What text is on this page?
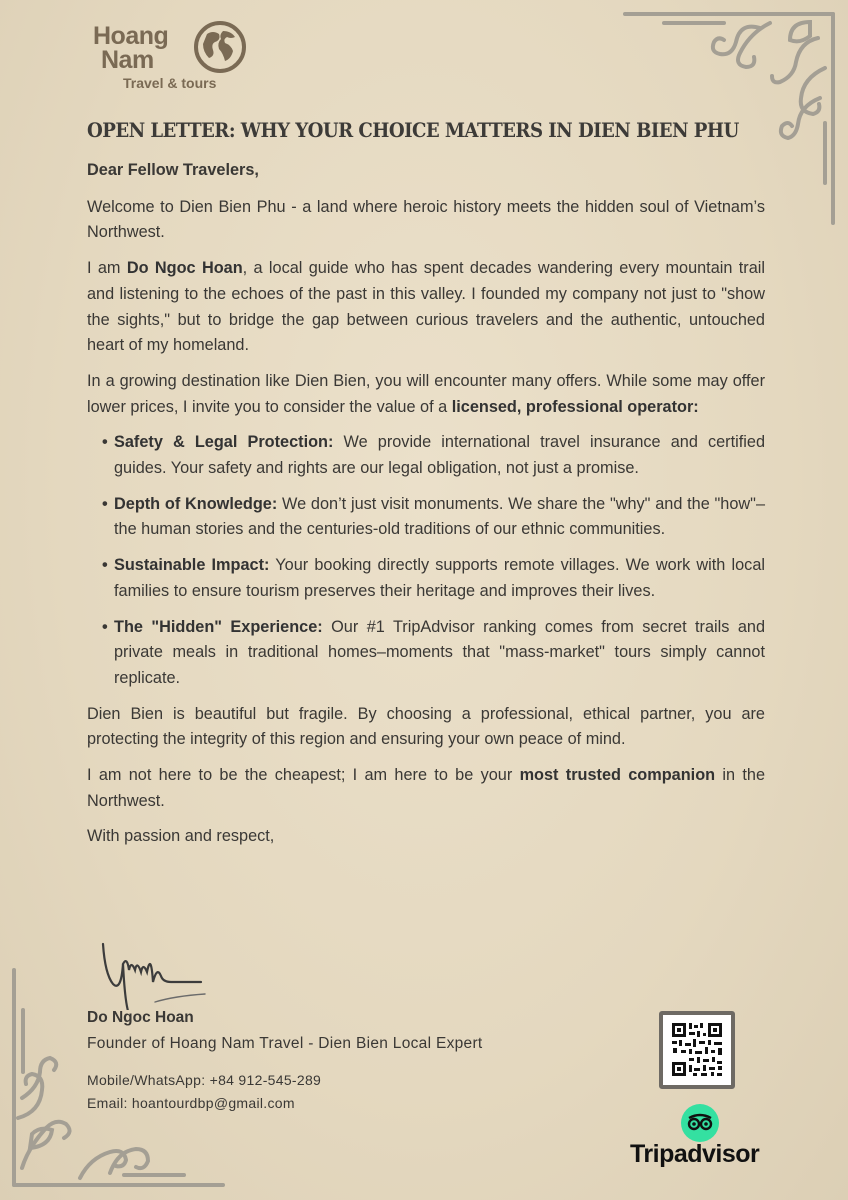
Hoang
Nam
Travel & tours
OPEN LETTER: WHY YOUR CHOICE MATTERS IN DIEN BIEN PHU

Dear Fellow Travelers,

Welcome to Dien Bien Phu - a land where heroic history meets the hidden soul of Vietnam’s Northwest.

I am Do Ngoc Hoan, a local guide who has spent decades wandering every mountain trail and listening to the echoes of the past in this valley. I founded my company not just to "show the sights," but to bridge the gap between curious travelers and the authentic, untouched heart of my homeland.

In a growing destination like Dien Bien, you will encounter many offers. While some may offer lower prices, I invite you to consider the value of a licensed, professional operator:

• Safety & Legal Protection: We provide international travel insurance and certified guides. Your safety and rights are our legal obligation, not just a promise.
• Depth of Knowledge: We don’t just visit monuments. We share the "why" and the "how"–the human stories and the centuries-old traditions of our ethnic communities.
• Sustainable Impact: Your booking directly supports remote villages. We work with local families to ensure tourism preserves their heritage and improves their lives.
• The "Hidden" Experience: Our #1 TripAdvisor ranking comes from secret trails and private meals in traditional homes–moments that "mass-market" tours simply cannot replicate.

Dien Bien is beautiful but fragile. By choosing a professional, ethical partner, you are protecting the integrity of this region and ensuring your own peace of mind.

I am not here to be the cheapest; I am here to be your most trusted companion in the Northwest.

With passion and respect,

Do Ngoc Hoan
Founder of Hoang Nam Travel - Dien Bien Local Expert
Mobile/WhatsApp: +84 912-545-289
Email: hoantourdbp@gmail.com
Tripadvisor
